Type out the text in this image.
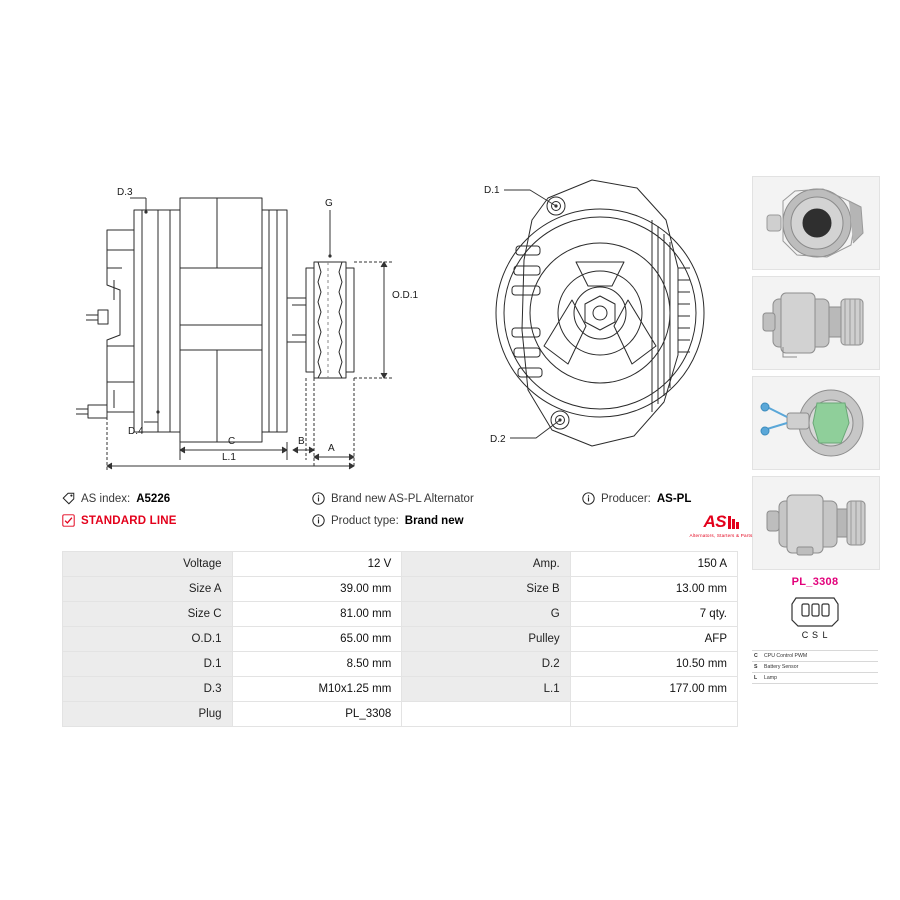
D.3
G
O.D.1
D.4
C	B
A
L.1
D.1
D.2
PL_3308
C S L
C	CPU Control PWM
S	Battery Sensor
L	Lamp
AS index: A5226	Brand new AS-PL Alternator	Producer: AS-PL
STANDARD LINE	Product type: Brand new	AS
Alternators, Starters & Parts
Voltage	12 V	Amp.	150 A
Size A	39.00 mm	Size B	13.00 mm
Size C	81.00 mm	G	7 qty.
O.D.1	65.00 mm	Pulley	AFP
D.1	8.50 mm	D.2	10.50 mm
D.3	M10x1.25 mm	L.1	177.00 mm
Plug	PL_3308		
